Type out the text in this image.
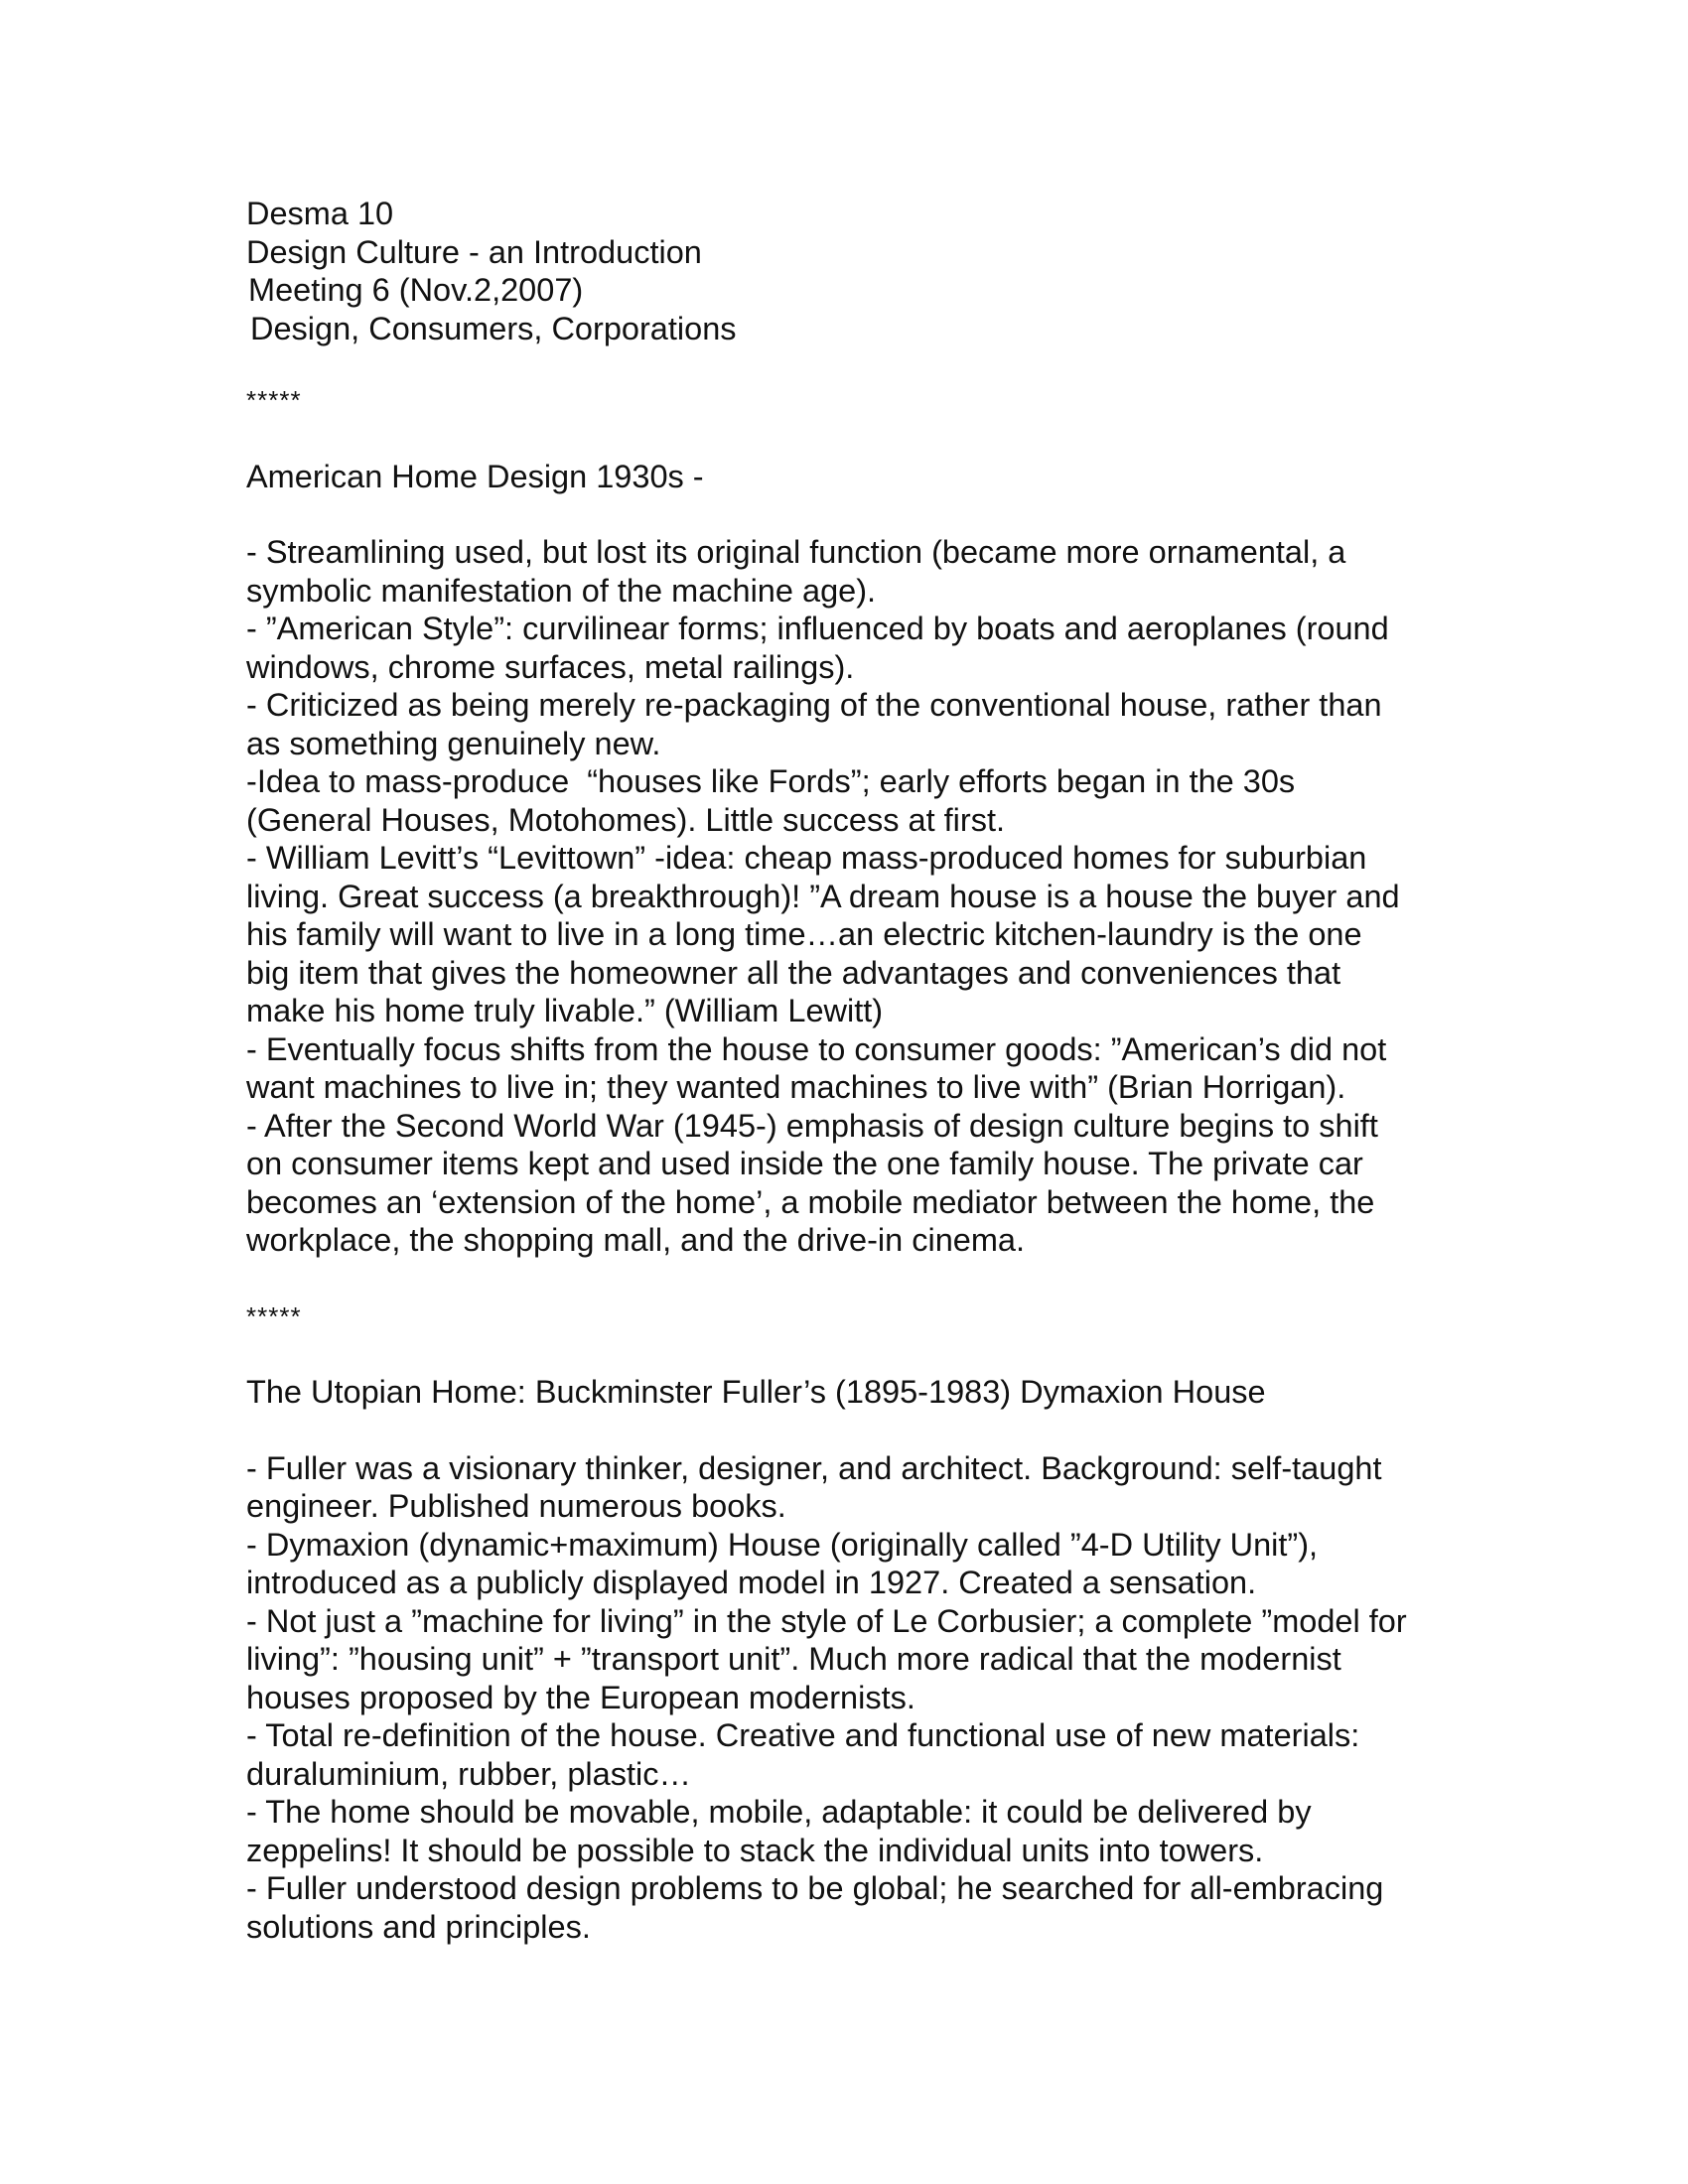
Desma 10
Design Culture - an Introduction
Meeting 6 (Nov.2,2007)
Design, Consumers, Corporations
*****
American Home Design 1930s -
- Streamlining used, but lost its original function (became more ornamental, a
symbolic manifestation of the machine age).
- ”American Style”: curvilinear forms; influenced by boats and aeroplanes (round
windows, chrome surfaces, metal railings).
- Criticized as being merely re-packaging of the conventional house, rather than
as something genuinely new.
-Idea to mass-produce  “houses like Fords”; early efforts began in the 30s
(General Houses, Motohomes). Little success at first.
- William Levitt’s “Levittown” -idea: cheap mass-produced homes for suburbian
living. Great success (a breakthrough)! ”A dream house is a house the buyer and
his family will want to live in a long time…an electric kitchen-laundry is the one
big item that gives the homeowner all the advantages and conveniences that
make his home truly livable.” (William Lewitt)
- Eventually focus shifts from the house to consumer goods: ”American’s did not
want machines to live in; they wanted machines to live with” (Brian Horrigan).
- After the Second World War (1945-) emphasis of design culture begins to shift
on consumer items kept and used inside the one family house. The private car
becomes an ‘extension of the home’, a mobile mediator between the home, the
workplace, the shopping mall, and the drive-in cinema.
*****
The Utopian Home: Buckminster Fuller’s (1895-1983) Dymaxion House
- Fuller was a visionary thinker, designer, and architect. Background: self-taught
engineer. Published numerous books.
- Dymaxion (dynamic+maximum) House (originally called ”4-D Utility Unit”),
introduced as a publicly displayed model in 1927. Created a sensation.
- Not just a ”machine for living” in the style of Le Corbusier; a complete ”model for
living”: ”housing unit” + ”transport unit”. Much more radical that the modernist
houses proposed by the European modernists.
- Total re-definition of the house. Creative and functional use of new materials:
duraluminium, rubber, plastic…
- The home should be movable, mobile, adaptable: it could be delivered by
zeppelins! It should be possible to stack the individual units into towers.
- Fuller understood design problems to be global; he searched for all-embracing
solutions and principles.
